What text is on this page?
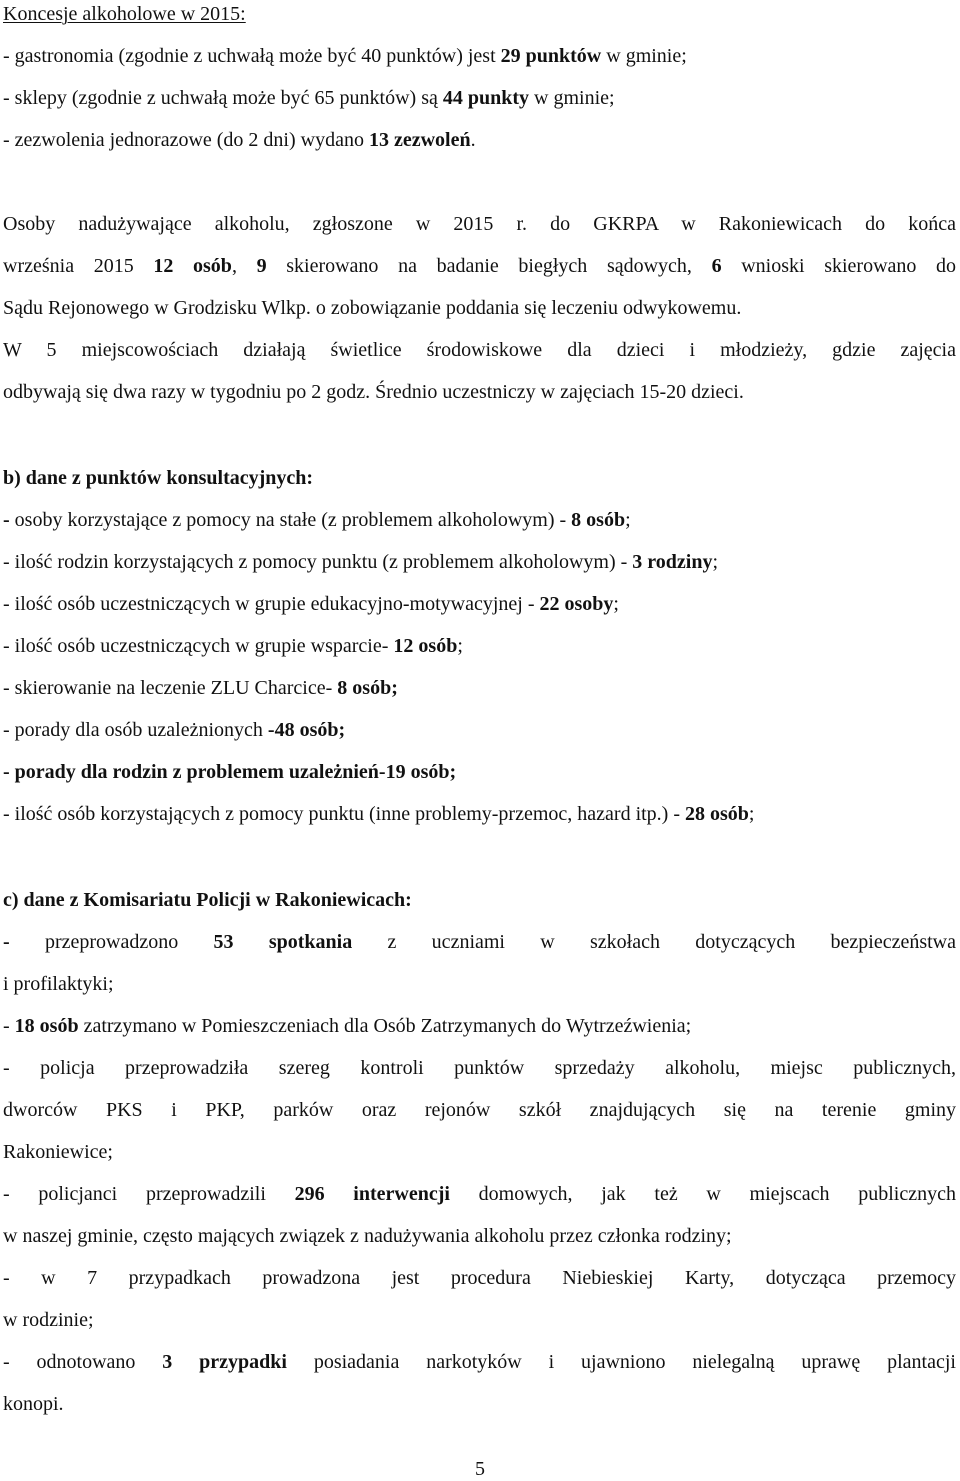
Koncesje alkoholowe w 2015:
- gastronomia (zgodnie z uchwałą może być 40 punktów) jest 29 punktów w gminie;
- sklepy (zgodnie z uchwałą może być 65 punktów) są 44 punkty w gminie;
- zezwolenia jednorazowe (do 2 dni) wydano 13 zezwoleń.
Osoby nadużywające alkoholu, zgłoszone w 2015 r. do GKRPA w Rakoniewicach do końca
września 2015 12 osób, 9 skierowano na badanie biegłych sądowych, 6 wnioski skierowano do
Sądu Rejonowego w Grodzisku Wlkp. o zobowiązanie poddania się leczeniu odwykowemu.
W 5 miejscowościach działają świetlice środowiskowe dla dzieci i młodzieży, gdzie zajęcia
odbywają się dwa razy w tygodniu po 2 godz. Średnio uczestniczy w zajęciach 15-20 dzieci.
b) dane z punktów konsultacyjnych:
- osoby korzystające z pomocy na stałe (z problemem alkoholowym) - 8 osób;
- ilość rodzin korzystających z pomocy punktu (z problemem alkoholowym) - 3 rodziny;
- ilość osób uczestniczących w grupie edukacyjno-motywacyjnej - 22 osoby;
- ilość osób uczestniczących w grupie wsparcie- 12 osób;
- skierowanie na leczenie ZLU Charcice- 8 osób;
- porady dla osób uzależnionych -48 osób;
- porady dla rodzin z problemem uzależnień-19 osób;
- ilość osób korzystających z pomocy punktu (inne problemy-przemoc, hazard itp.) - 28 osób;
c) dane z Komisariatu Policji w Rakoniewicach:
- przeprowadzono 53 spotkania z uczniami w szkołach dotyczących bezpieczeństwa
i profilaktyki;
- 18 osób zatrzymano w Pomieszczeniach dla Osób Zatrzymanych do Wytrzeźwienia;
- policja przeprowadziła szereg kontroli punktów sprzedaży alkoholu, miejsc publicznych,
dworców PKS i PKP, parków oraz rejonów szkół znajdujących się na terenie gminy
Rakoniewice;
- policjanci przeprowadzili 296 interwencji domowych, jak też w miejscach publicznych
w naszej gminie, często mających związek z nadużywania alkoholu przez członka rodziny;
- w 7 przypadkach prowadzona jest procedura Niebieskiej Karty, dotycząca przemocy
w rodzinie;
- odnotowano 3 przypadki posiadania narkotyków i ujawniono nielegalną uprawę plantacji
konopi.
5
